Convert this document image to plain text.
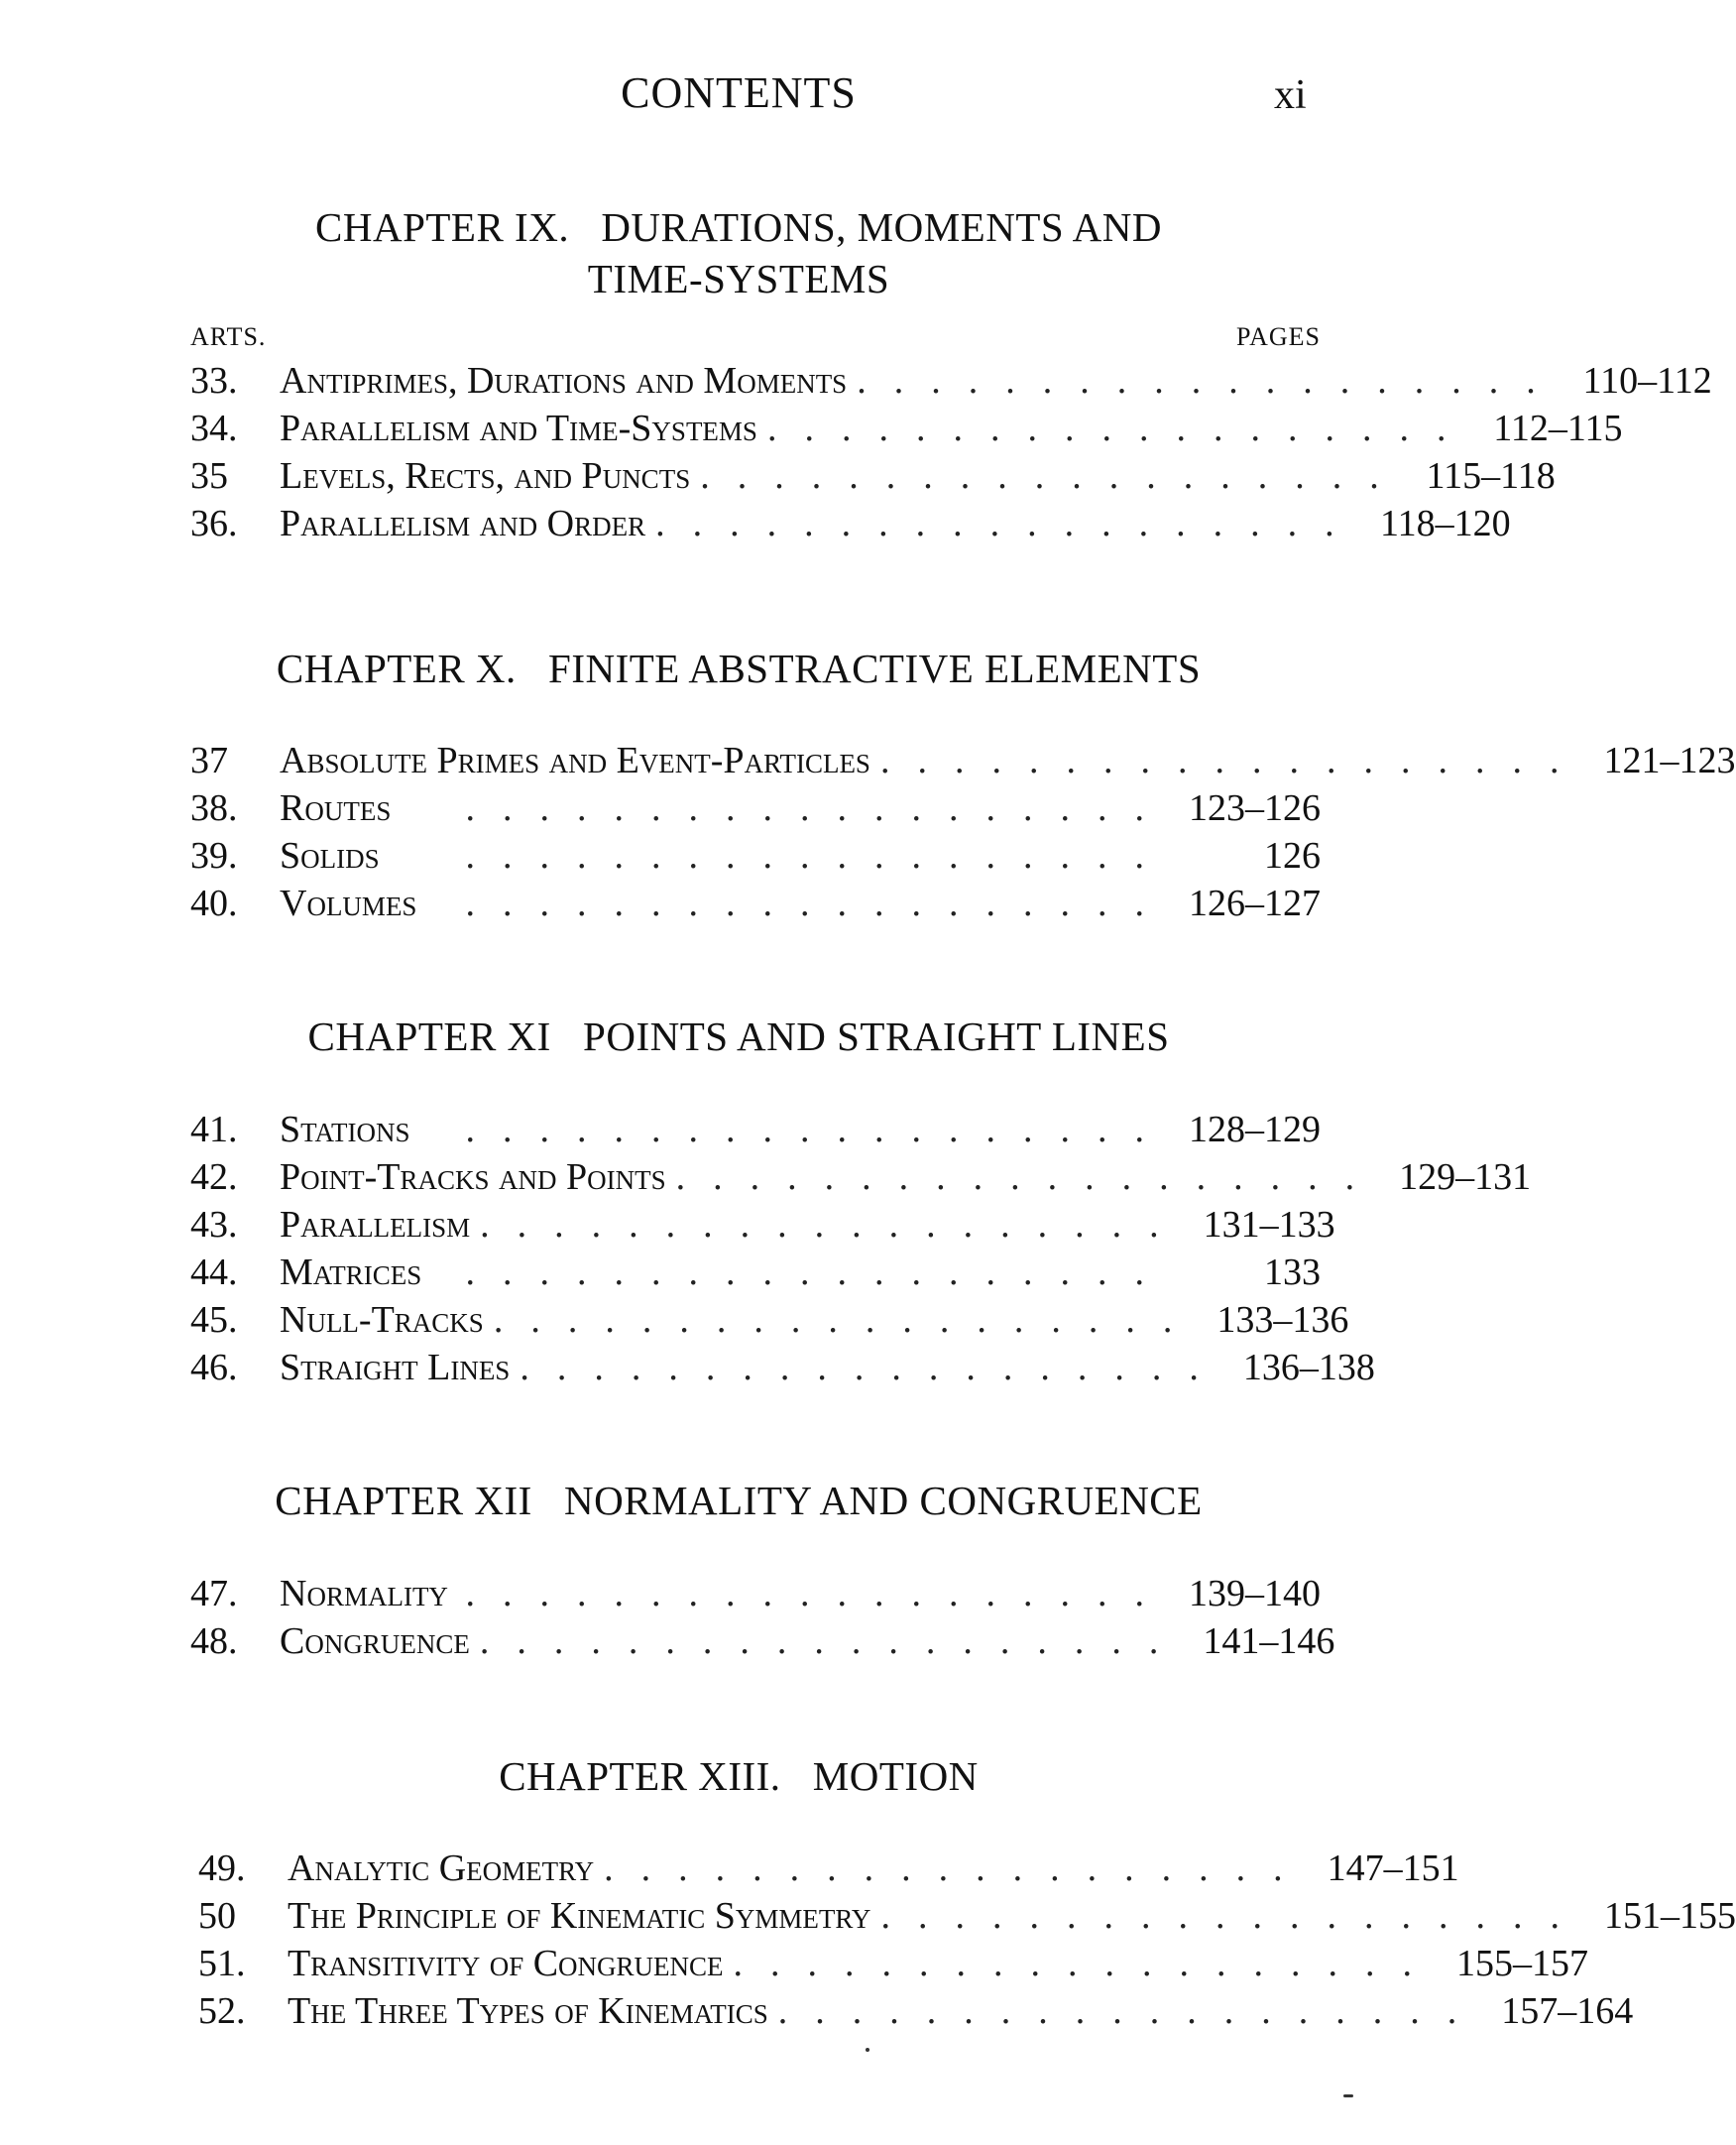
CONTENTS	xi
CHAPTER IX.   DURATIONS, MOMENTS AND
TIME-SYSTEMS
ARTS.	PAGES
33.	Antiprimes, Durations and Moments ................... 110–112
34.	Parallelism and Time-Systems ................... 112–115
35	Levels, Rects, and Puncts ................... 115–118
36.	Parallelism and Order ................... 118–120
CHAPTER X.   FINITE ABSTRACTIVE ELEMENTS
37	Absolute Primes and Event-Particles ................... 121–123
38.	Routes	................... 123–126
39.	Solids	...................	126
40.	Volumes	................... 126–127
CHAPTER XI   POINTS AND STRAIGHT LINES
41.	Stations	................... 128–129
42.	Point-Tracks and Points ................... 129–131
43.	Parallelism ................... 131–133
44.	Matrices	...................	133
45.	Null-Tracks ................... 133–136
46.	Straight Lines ................... 136–138
CHAPTER XII   NORMALITY AND CONGRUENCE
47.	Normality ................... 139–140
48.	Congruence ................... 141–146
CHAPTER XIII.   MOTION
49.	Analytic Geometry ................... 147–151
50	The Principle of Kinematic Symmetry ................... 151–155
51.	Transitivity of Congruence ................... 155–157
52.	The Three Types of Kinematics ................... 157–164
